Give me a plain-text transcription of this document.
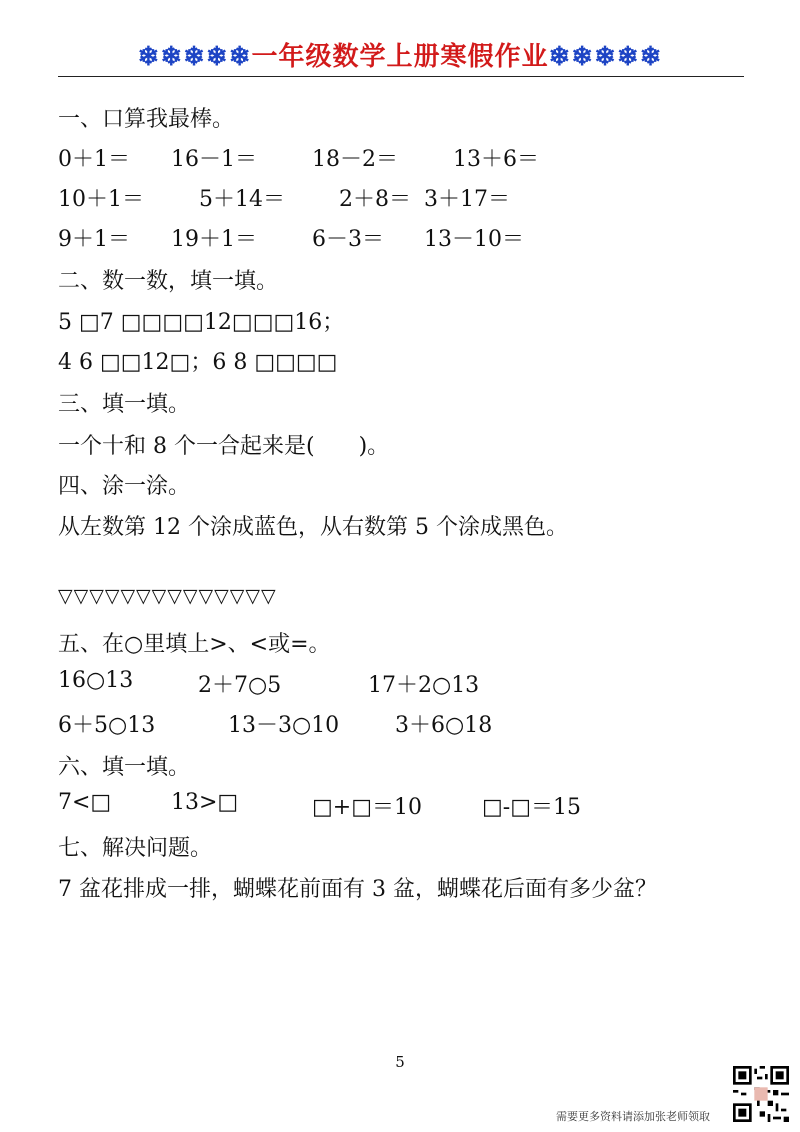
❄❄❄❄❄一年级数学上册寒假作业❄❄❄❄❄
一、口算我最棒。
0＋1＝ 16－1＝	18－2＝	13＋6＝
10＋1＝	5＋14＝ 2＋8＝ 3＋17＝
9＋1＝ 19＋1＝	6－3＝ 13－10＝
二、数一数，填一填。
5 □7 □□□□12□□□16；
4 6 □□12□；6 8 □□□□
三、填一填。
一个十和 8 个一合起来是(　　)。
四、涂一涂。
从左数第 12 个涂成蓝色，从右数第 5 个涂成黑色。
▽▽▽▽▽▽▽▽▽▽▽▽▽▽
五、在○里填上>、<或=。
16○13	2＋7○5	17＋2○13
6＋5○13	13－3○10	3＋6○18
六、填一填。
7<□	13>□	□+□＝10	□-□＝15
七、解决问题。
7 盆花排成一排，蝴蝶花前面有 3 盆，蝴蝶花后面有多少盆？
5
需要更多资料请添加张老师领取
